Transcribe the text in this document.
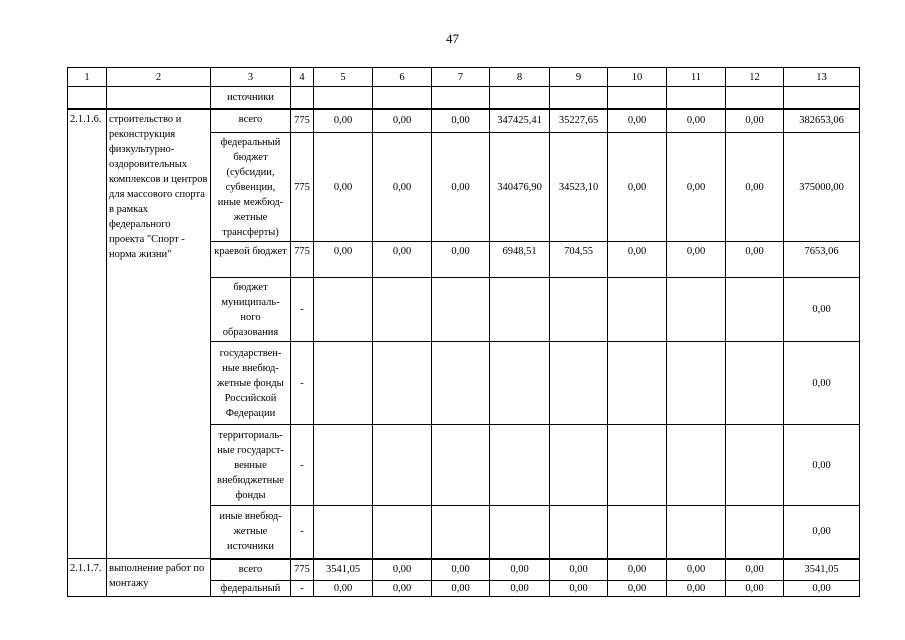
47
1	2	3	4	5	6	7	8	9	10	11	12	13
		источники										
2.1.1.6.	строительство и реконструкция физкультурно-оздоровительных комплексов и центров для массового спорта в рамках федерального проекта "Спорт - норма жизни"	всего	775	0,00	0,00	0,00	347425,41	35227,65	0,00	0,00	0,00	382653,06
		федеральный бюджет (субсидии, субвенции, иные межбюд-жетные трансферты)	775	0,00	0,00	0,00	340476,90	34523,10	0,00	0,00	0,00	375000,00
		краевой бюджет	775	0,00	0,00	0,00	6948,51	704,55	0,00	0,00	0,00	7653,06
		бюджет муниципаль-ного образования	-									0,00
		государствен-ные внебюд-жетные фонды Российской Федерации	-									0,00
		территориаль-ные государст-венные внебюджетные фонды	-									0,00
		иные внебюд-жетные источники	-									0,00
2.1.1.7.	выполнение работ по монтажу	всего	775	3541,05	0,00	0,00	0,00	0,00	0,00	0,00	0,00	3541,05
		федеральный	-	0,00	0,00	0,00	0,00	0,00	0,00	0,00	0,00	0,00
